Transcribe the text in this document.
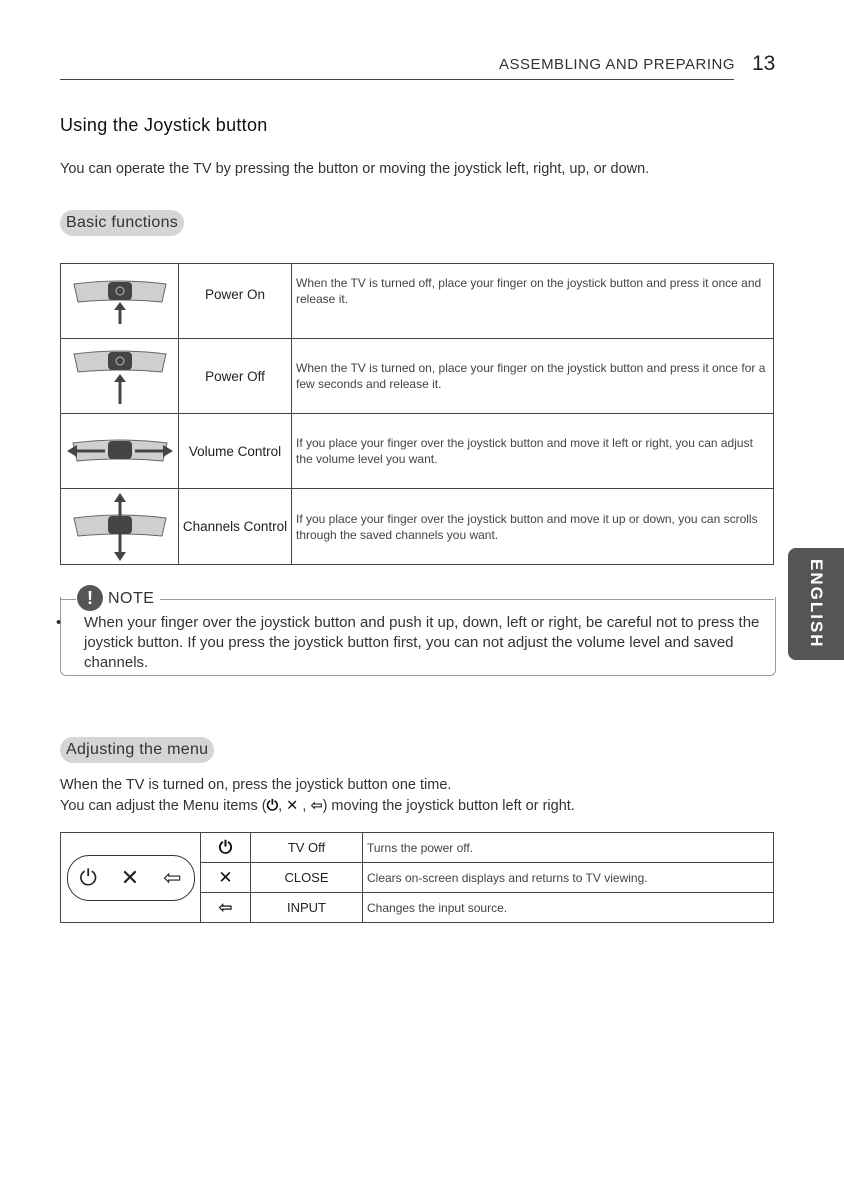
ASSEMBLING AND PREPARING 13
Using the Joystick button
You can operate the TV by pressing the button or moving the joystick left, right, up, or down.
Basic functions

Power On	When the TV is turned off, place your finger on the joystick button and press it once and release it.

Power Off	When the TV is turned on, place your finger on the joystick button and press it once for a few seconds and release it.

Volume Control	If you place your finger over the joystick button and move it left or right, you can adjust the volume level you want.

Channels Control	If you place your finger over the joystick button and move it up or down, you can scrolls through the saved channels you want.
! NOTE

• When your finger over the joystick button and push it up, down, left or right, be careful not to press the joystick button. If you press the joystick button first, you can not adjust the volume level and saved channels.

ENGLISH
Adjusting the menu
When the TV is turned on, press the joystick button one time.
You can adjust the Menu items (⏻, ✕ , ⇦) moving the joystick button left or right.
⏻ ✕ ⇦	⏻	TV Off	Turns the power off.
	✕	CLOSE	Clears on-screen displays and returns to TV viewing.
	⇦	INPUT	Changes the input source.
